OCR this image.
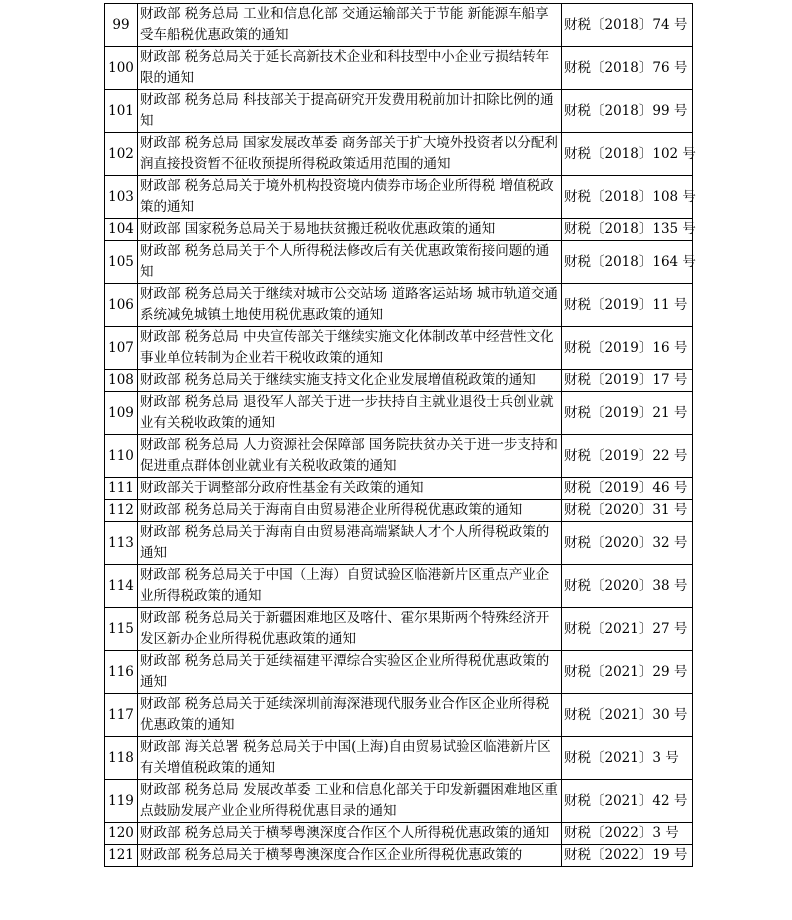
99	财政部 税务总局 工业和信息化部 交通运输部关于节能 新能源车船享受车船税优惠政策的通知	财税〔2018〕74 号
100	财政部 税务总局关于延长高新技术企业和科技型中小企业亏损结转年限的通知	财税〔2018〕76 号
101	财政部 税务总局 科技部关于提高研究开发费用税前加计扣除比例的通知	财税〔2018〕99 号
102	财政部 税务总局 国家发展改革委 商务部关于扩大境外投资者以分配利润直接投资暂不征收预提所得税政策适用范围的通知	财税〔2018〕102 号
103	财政部 税务总局关于境外机构投资境内债券市场企业所得税 增值税政策的通知	财税〔2018〕108 号
104	财政部 国家税务总局关于易地扶贫搬迁税收优惠政策的通知	财税〔2018〕135 号
105	财政部 税务总局关于个人所得税法修改后有关优惠政策衔接问题的通知	财税〔2018〕164 号
106	财政部 税务总局关于继续对城市公交站场 道路客运站场 城市轨道交通系统减免城镇土地使用税优惠政策的通知	财税〔2019〕11 号
107	财政部 税务总局 中央宣传部关于继续实施文化体制改革中经营性文化事业单位转制为企业若干税收政策的通知	财税〔2019〕16 号
108	财政部 税务总局关于继续实施支持文化企业发展增值税政策的通知	财税〔2019〕17 号
109	财政部 税务总局 退役军人部关于进一步扶持自主就业退役士兵创业就业有关税收政策的通知	财税〔2019〕21 号
110	财政部 税务总局 人力资源社会保障部 国务院扶贫办关于进一步支持和促进重点群体创业就业有关税收政策的通知	财税〔2019〕22 号
111	财政部关于调整部分政府性基金有关政策的通知	财税〔2019〕46 号
112	财政部 税务总局关于海南自由贸易港企业所得税优惠政策的通知	财税〔2020〕31 号
113	财政部 税务总局关于海南自由贸易港高端紧缺人才个人所得税政策的通知	财税〔2020〕32 号
114	财政部 税务总局关于中国（上海）自贸试验区临港新片区重点产业企业所得税政策的通知	财税〔2020〕38 号
115	财政部 税务总局关于新疆困难地区及喀什、霍尔果斯两个特殊经济开发区新办企业所得税优惠政策的通知	财税〔2021〕27 号
116	财政部 税务总局关于延续福建平潭综合实验区企业所得税优惠政策的通知	财税〔2021〕29 号
117	财政部 税务总局关于延续深圳前海深港现代服务业合作区企业所得税优惠政策的通知	财税〔2021〕30 号
118	财政部 海关总署 税务总局关于中国(上海)自由贸易试验区临港新片区有关增值税政策的通知	财税〔2021〕3 号
119	财政部 税务总局 发展改革委 工业和信息化部关于印发新疆困难地区重点鼓励发展产业企业所得税优惠目录的通知	财税〔2021〕42 号
120	财政部 税务总局关于横琴粤澳深度合作区个人所得税优惠政策的通知	财税〔2022〕3 号
121	财政部 税务总局关于横琴粤澳深度合作区企业所得税优惠政策的	财税〔2022〕19 号
